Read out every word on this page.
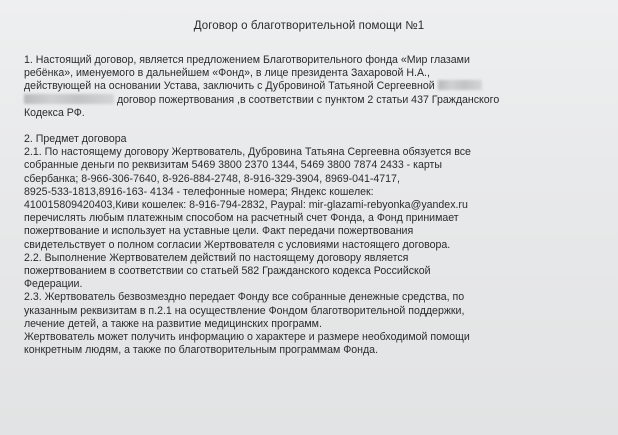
Договор о благотворительной помощи №1

1. Настоящий договор, является предложением Благотворительного фонда «Мир глазами

ребёнка», именуемого в дальнейшем «Фонд», в лице президента Захаровой Н.А.,

действующей на основании Устава, заключить с Дубровиной Татьяной Сергеевной

договор пожертвования ,в соответствии с пунктом 2 статьи 437 Гражданского

Кодекса РФ.

2. Предмет договора

2.1. По настоящему договору Жертвователь, Дубровина Татьяна Сергеевна обязуется все

собранные деньги по реквизитам 5469 3800 2370 1344, 5469 3800 7874 2433 - карты

сбербанка; 8-966-306-7640, 8-926-884-2748, 8-916-329-3904, 8969-041-4717,

8925-533-1813,8916-163- 4134 - телефонные номера; Яндекс кошелек:

410015809420403,Киви кошелек: 8-916-794-2832, Paypal: mir-glazami-rebyonka@yandex.ru

перечислять любым платежным способом на расчетный счет Фонда, а Фонд принимает

пожертвование и использует на уставные цели. Факт передачи пожертвования

свидетельствует о полном согласии Жертвователя с условиями настоящего договора.

2.2. Выполнение Жертвователем действий по настоящему договору является

пожертвованием в соответствии со статьей 582 Гражданского кодекса Российской

Федерации.

2.3. Жертвователь безвозмездно передает Фонду все собранные денежные средства, по

указанным реквизитам в п.2.1 на осуществление Фондом благотворительной поддержки,

лечение детей, а также на развитие медицинских программ.

Жертвователь может получить информацию о характере и размере необходимой помощи

конкретным людям, а также по благотворительным программам Фонда.
